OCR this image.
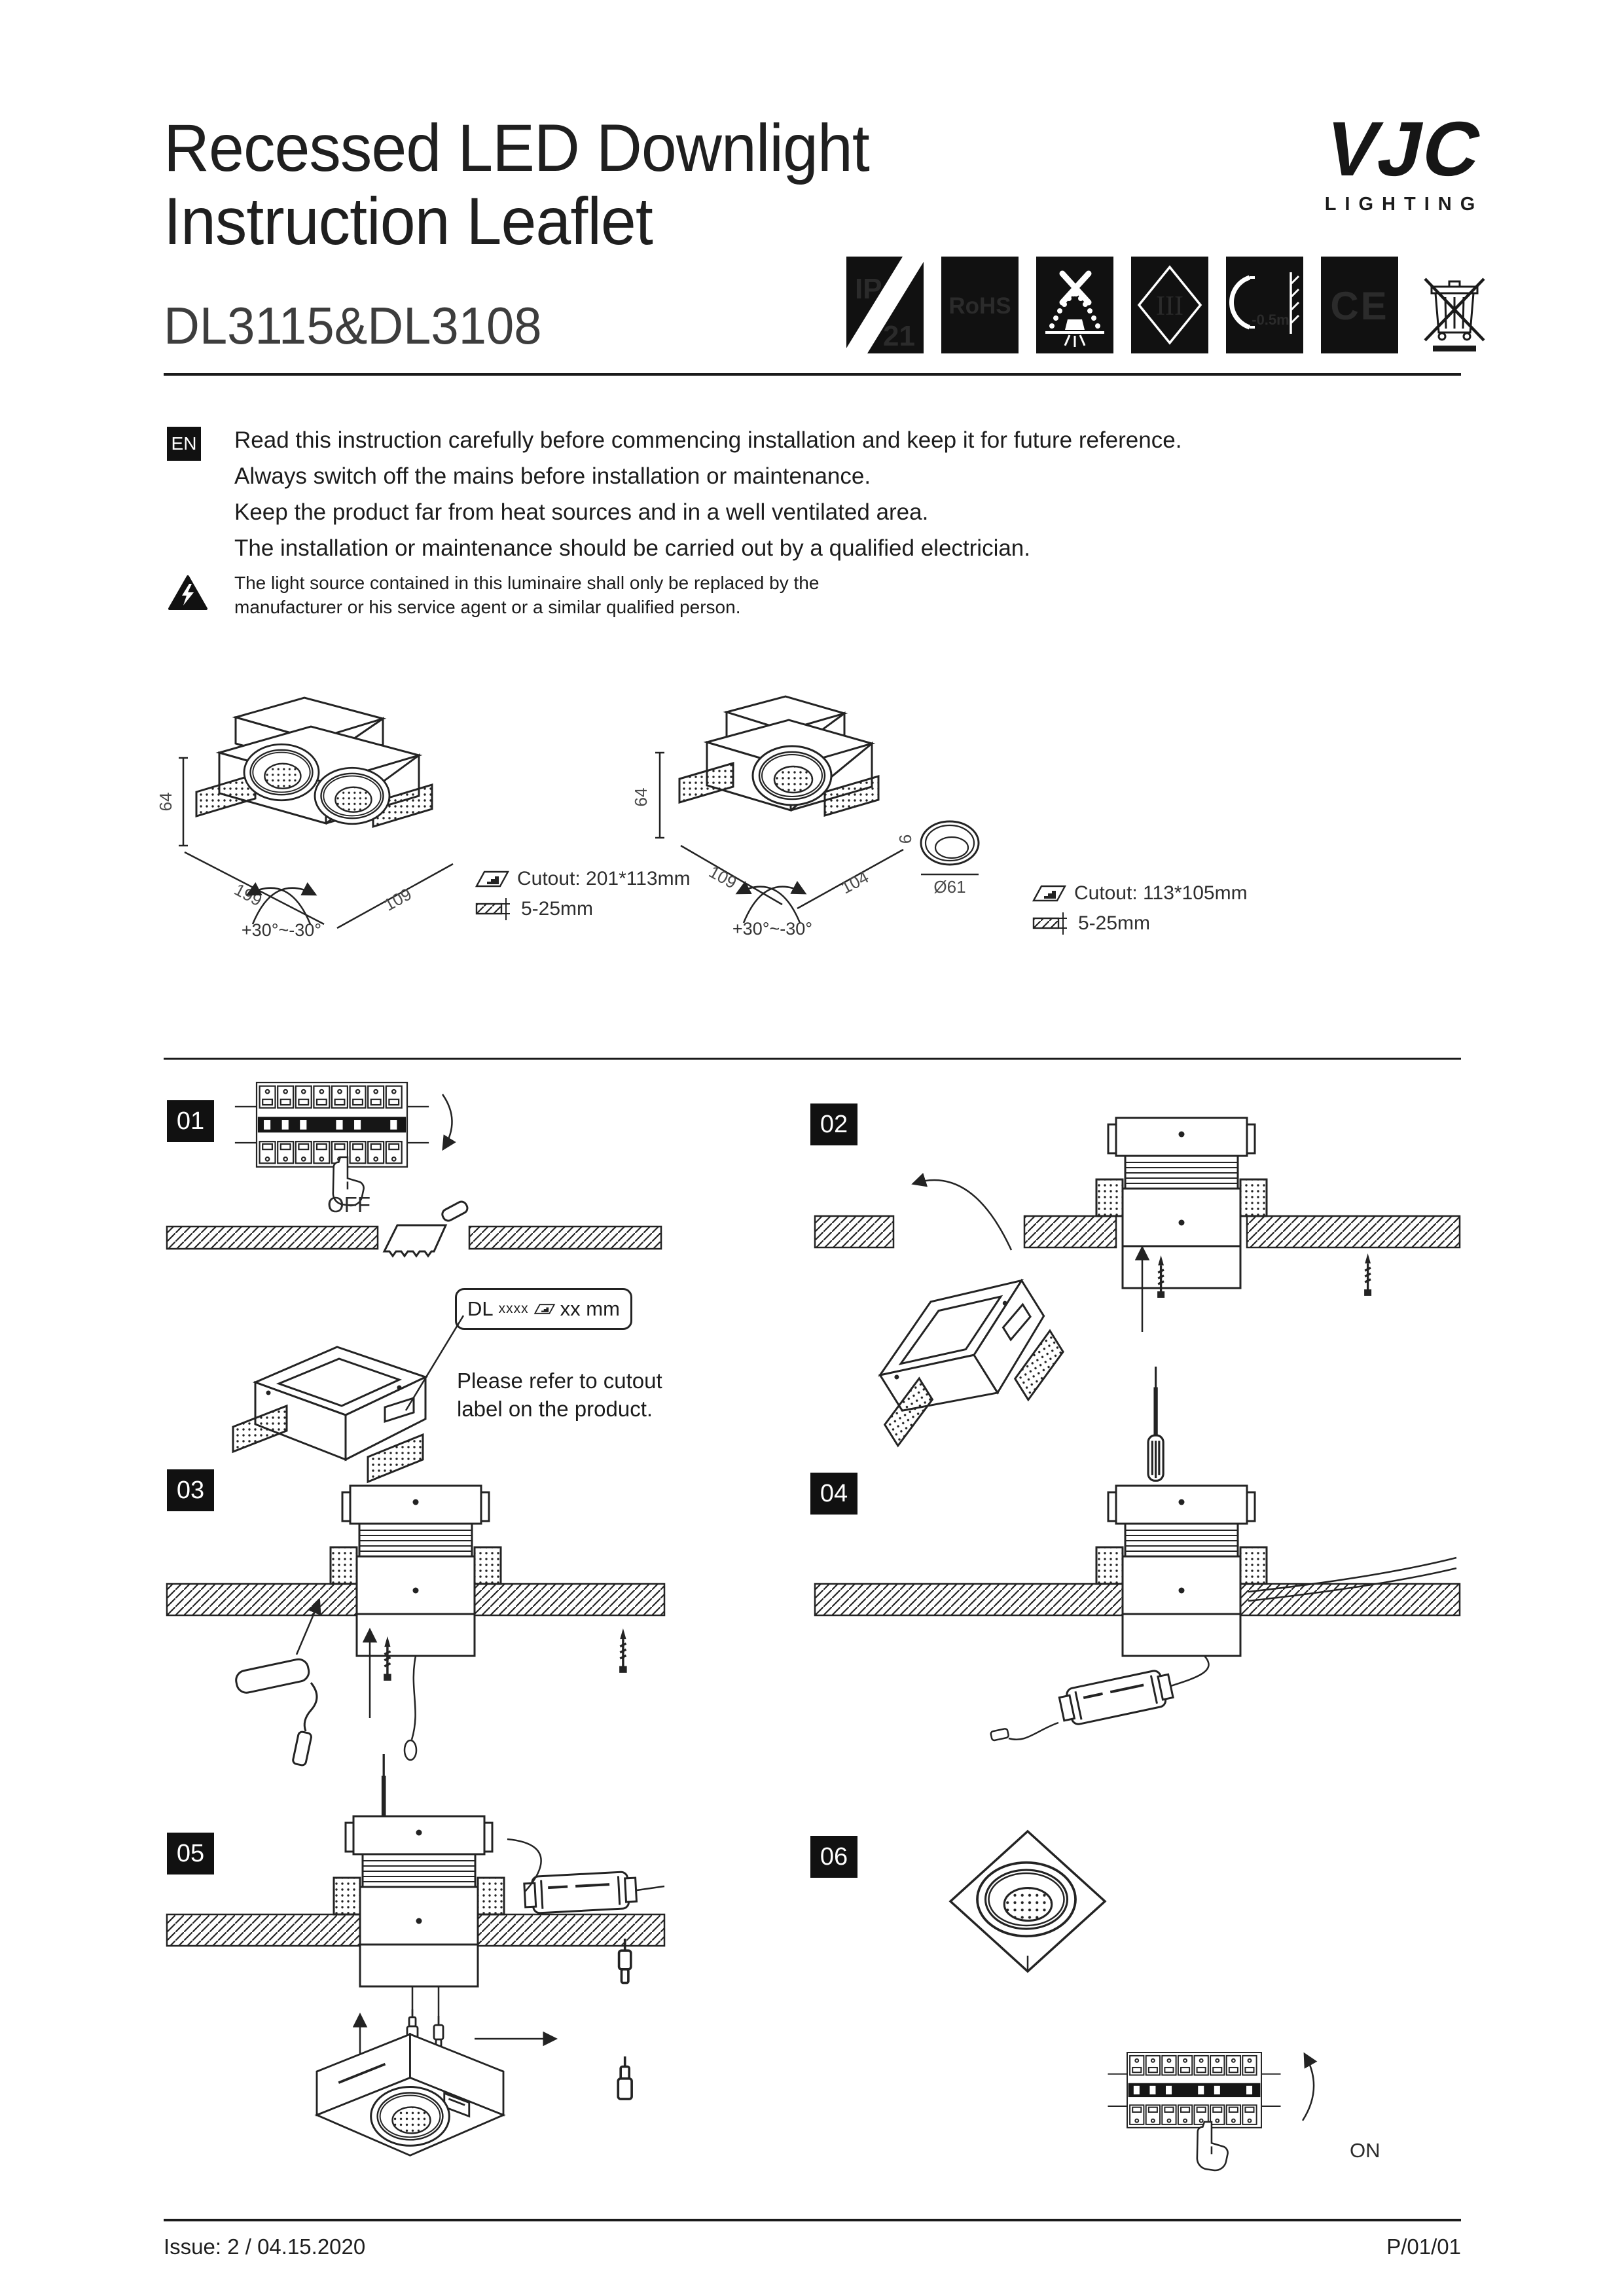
Recessed LED Downlight
Instruction Leaflet
DL3115&DL3108
VJC
LIGHTING
IP
21
RoHS	III	-0.5m CE
EN Read this instruction carefully before commencing installation and keep it for future reference.
Always switch off the mains before installation or maintenance.
Keep the product far from heat sources and in a well ventilated area.
The installation or maintenance should be carried out by a qualified electrician.
The light source contained in this luminaire shall only be replaced by the
manufacturer or his service agent or a similar qualified person.
64
199	109
+30°~-30°
64
109	104
+30°~-30°
6
Ø61
Cutout: 201*113mm
5-25mm
Cutout: 113*105mm
5-25mm
01
OFF
DL xxxx xx mm
Please refer to cutout
label on the product.
02
03	04
05	06
ON
Issue: 2 / 04.15.2020	P/01/01
